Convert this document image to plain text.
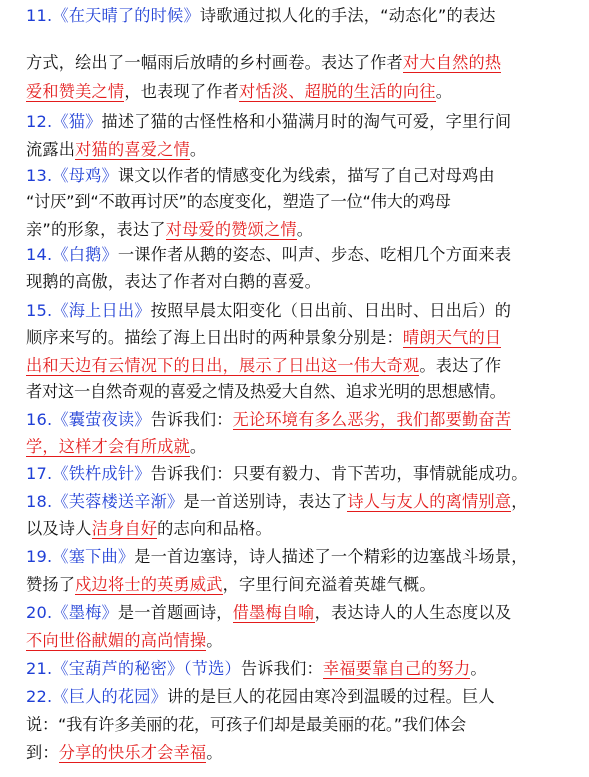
11.《在天晴了的时候》诗歌通过拟人化的手法，“动态化”的表达
方式，绘出了一幅雨后放晴的乡村画卷。表达了作者对大自然的热
爱和赞美之情，也表现了作者对恬淡、超脱的生活的向往。
12.《猫》描述了猫的古怪性格和小猫满月时的淘气可爱，字里行间
流露出对猫的喜爱之情。
13.《母鸡》课文以作者的情感变化为线索，描写了自己对母鸡由
“讨厌”到“不敢再讨厌”的态度变化，塑造了一位“伟大的鸡母
亲”的形象，表达了对母爱的赞颂之情。
14.《白鹅》一课作者从鹅的姿态、叫声、步态、吃相几个方面来表
现鹅的高傲，表达了作者对白鹅的喜爱。
15.《海上日出》按照早晨太阳变化（日出前、日出时、日出后）的
顺序来写的。描绘了海上日出时的两种景象分别是：晴朗天气的日
出和天边有云情况下的日出，展示了日出这一伟大奇观。表达了作
者对这一自然奇观的喜爱之情及热爱大自然、追求光明的思想感情。
16.《囊萤夜读》告诉我们：无论环境有多么恶劣，我们都要勤奋苦
学，这样才会有所成就。
17.《铁杵成针》告诉我们：只要有毅力、肯下苦功，事情就能成功。
18.《芙蓉楼送辛渐》是一首送别诗，表达了诗人与友人的离情别意，
以及诗人洁身自好的志向和品格。
19.《塞下曲》是一首边塞诗，诗人描述了一个精彩的边塞战斗场景，
赞扬了戍边将士的英勇威武，字里行间充溢着英雄气概。
20.《墨梅》是一首题画诗，借墨梅自喻，表达诗人的人生态度以及
不向世俗献媚的高尚情操。
21.《宝葫芦的秘密》（节选）告诉我们：幸福要靠自己的努力。
22.《巨人的花园》讲的是巨人的花园由寒冷到温暖的过程。巨人
说：“我有许多美丽的花，可孩子们却是最美丽的花。”我们体会
到：分享的快乐才会幸福。
